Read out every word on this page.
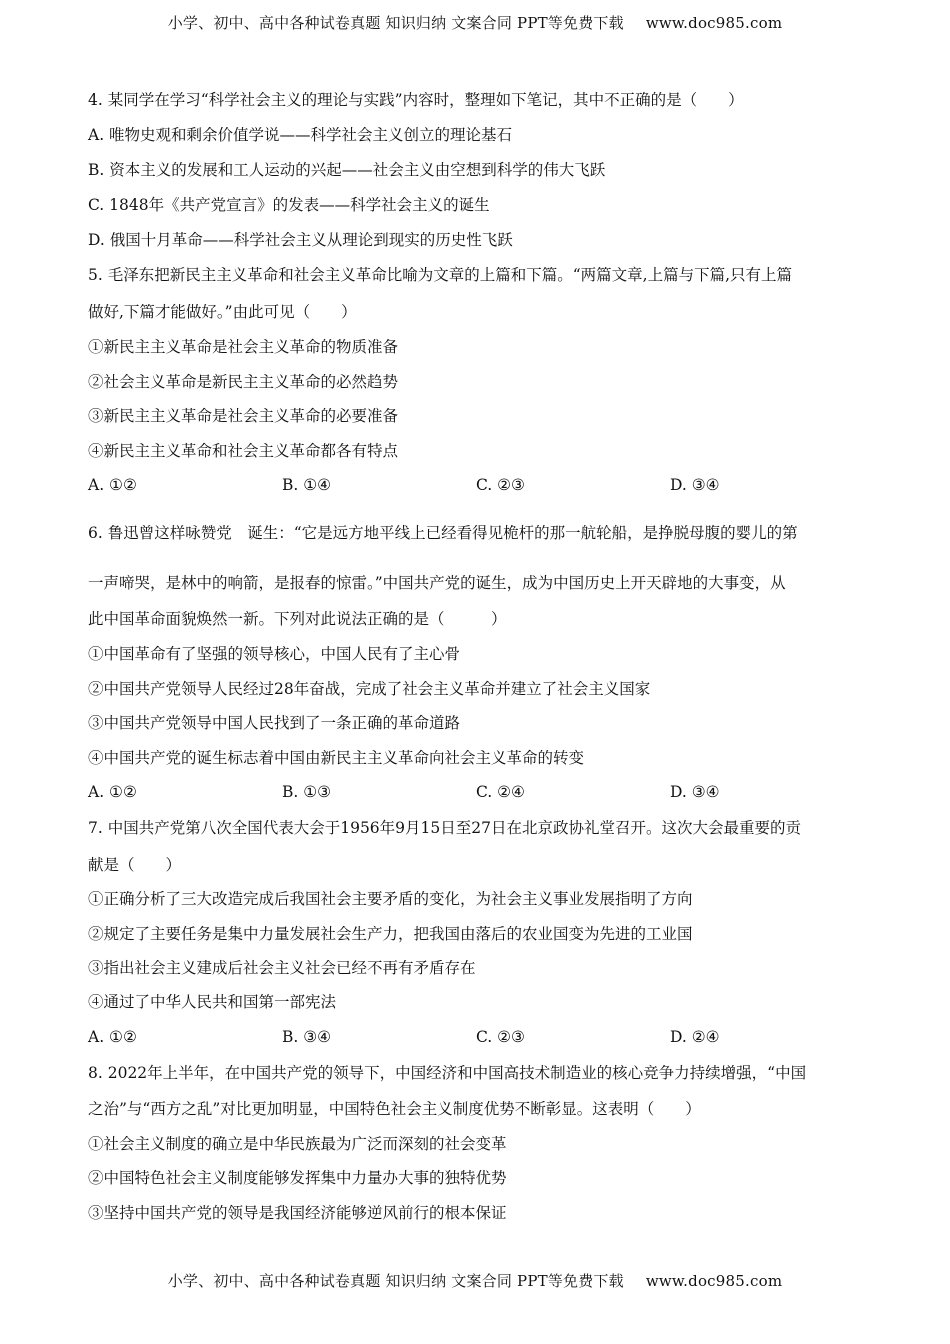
小学、初中、高中各种试卷真题 知识归纳 文案合同 PPT等免费下载 www.doc985.com
4. 某同学在学习“科学社会主义的理论与实践”内容时，整理如下笔记，其中不正确的是（　　）
A. 唯物史观和剩余价值学说——科学社会主义创立的理论基石
B. 资本主义的发展和工人运动的兴起——社会主义由空想到科学的伟大飞跃
C. 1848年《共产党宣言》的发表——科学社会主义的诞生
D. 俄国十月革命——科学社会主义从理论到现实的历史性飞跃
5. 毛泽东把新民主主义革命和社会主义革命比喻为文章的上篇和下篇。“两篇文章,上篇与下篇,只有上篇
做好,下篇才能做好。”由此可见（　　）
①新民主主义革命是社会主义革命的物质准备
②社会主义革命是新民主主义革命的必然趋势
③新民主主义革命是社会主义革命的必要准备
④新民主主义革命和社会主义革命都各有特点
A. ①②	B. ①④	C. ②③	D. ③④
6. 鲁迅曾这样咏赞党　诞生：“它是远方地平线上已经看得见桅杆的那一航轮船，是挣脱母腹的婴儿的第
一声啼哭，是林中的响箭，是报春的惊雷。”中国共产党的诞生，成为中国历史上开天辟地的大事变，从
此中国革命面貌焕然一新。下列对此说法正确的是（　　　）
①中国革命有了坚强的领导核心，中国人民有了主心骨
②中国共产党领导人民经过28年奋战，完成了社会主义革命并建立了社会主义国家
③中国共产党领导中国人民找到了一条正确的革命道路
④中国共产党的诞生标志着中国由新民主主义革命向社会主义革命的转变
A. ①②	B. ①③	C. ②④	D. ③④
7. 中国共产党第八次全国代表大会于1956年9月15日至27日在北京政协礼堂召开。这次大会最重要的贡
献是（　　）
①正确分析了三大改造完成后我国社会主要矛盾的变化，为社会主义事业发展指明了方向
②规定了主要任务是集中力量发展社会生产力，把我国由落后的农业国变为先进的工业国
③指出社会主义建成后社会主义社会已经不再有矛盾存在
④通过了中华人民共和国第一部宪法
A. ①②	B. ③④	C. ②③	D. ②④
8. 2022年上半年，在中国共产党的领导下，中国经济和中国高技术制造业的核心竞争力持续增强，“中国
之治”与“西方之乱”对比更加明显，中国特色社会主义制度优势不断彰显。这表明（　　）
①社会主义制度的确立是中华民族最为广泛而深刻的社会变革
②中国特色社会主义制度能够发挥集中力量办大事的独特优势
③坚持中国共产党的领导是我国经济能够逆风前行的根本保证
小学、初中、高中各种试卷真题 知识归纳 文案合同 PPT等免费下载 www.doc985.com
